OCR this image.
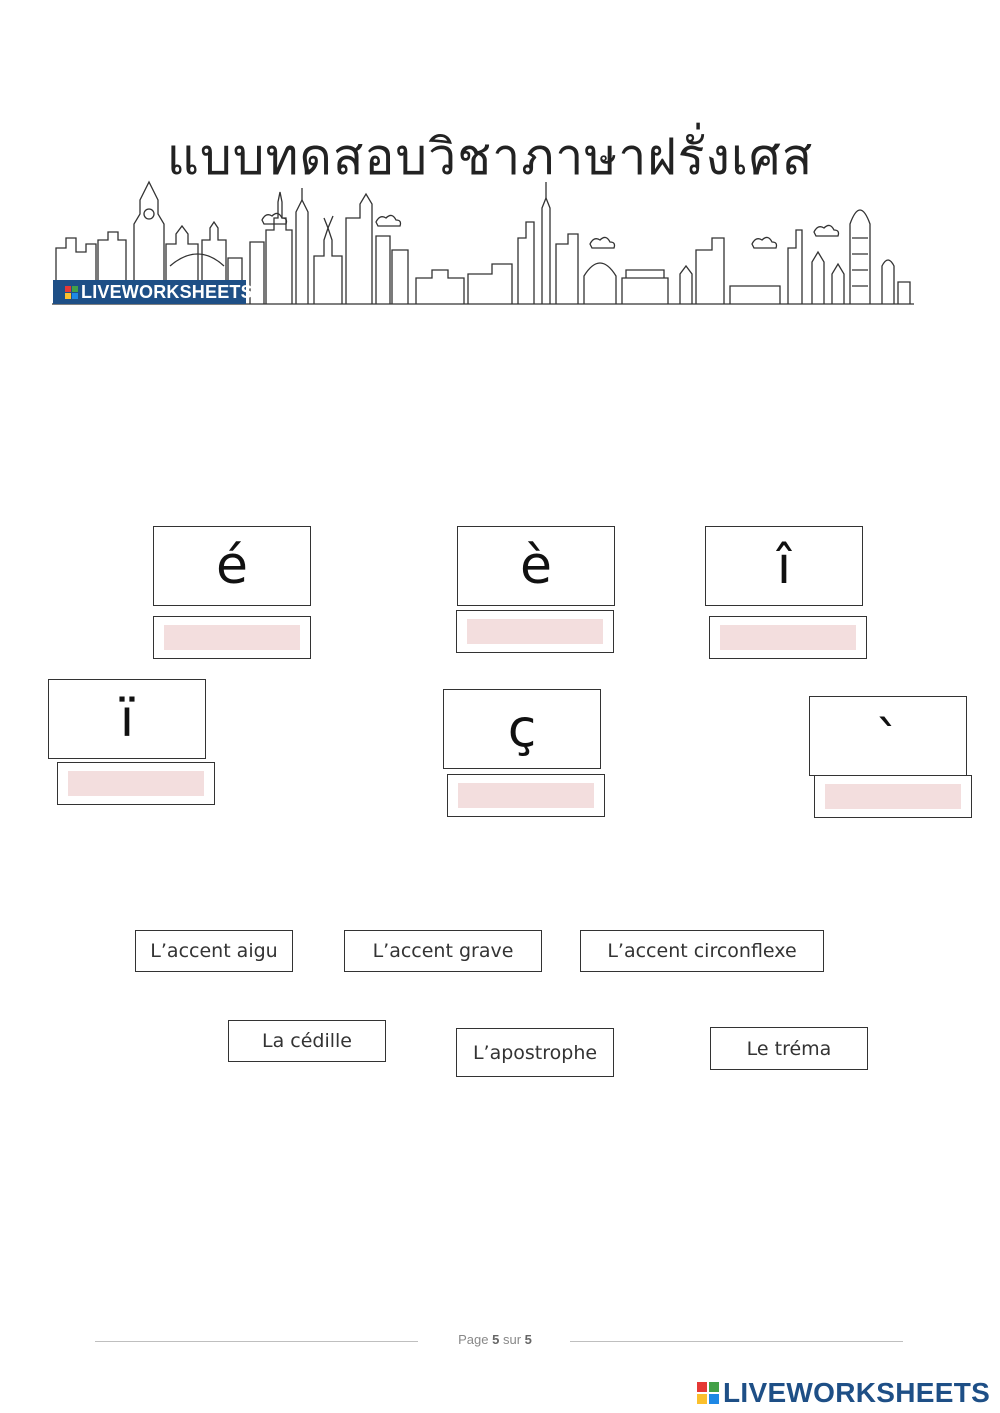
แบบทดสอบวิชาภาษาฝรั่งเศส
LIVEWORKSHEETS
é	è	î
ï	ç	`
L’accent aigu	L’accent grave	L’accent circonflexe
La cédille
L’apostrophe	Le tréma
Page 5 sur 5
LIVEWORKSHEETS
